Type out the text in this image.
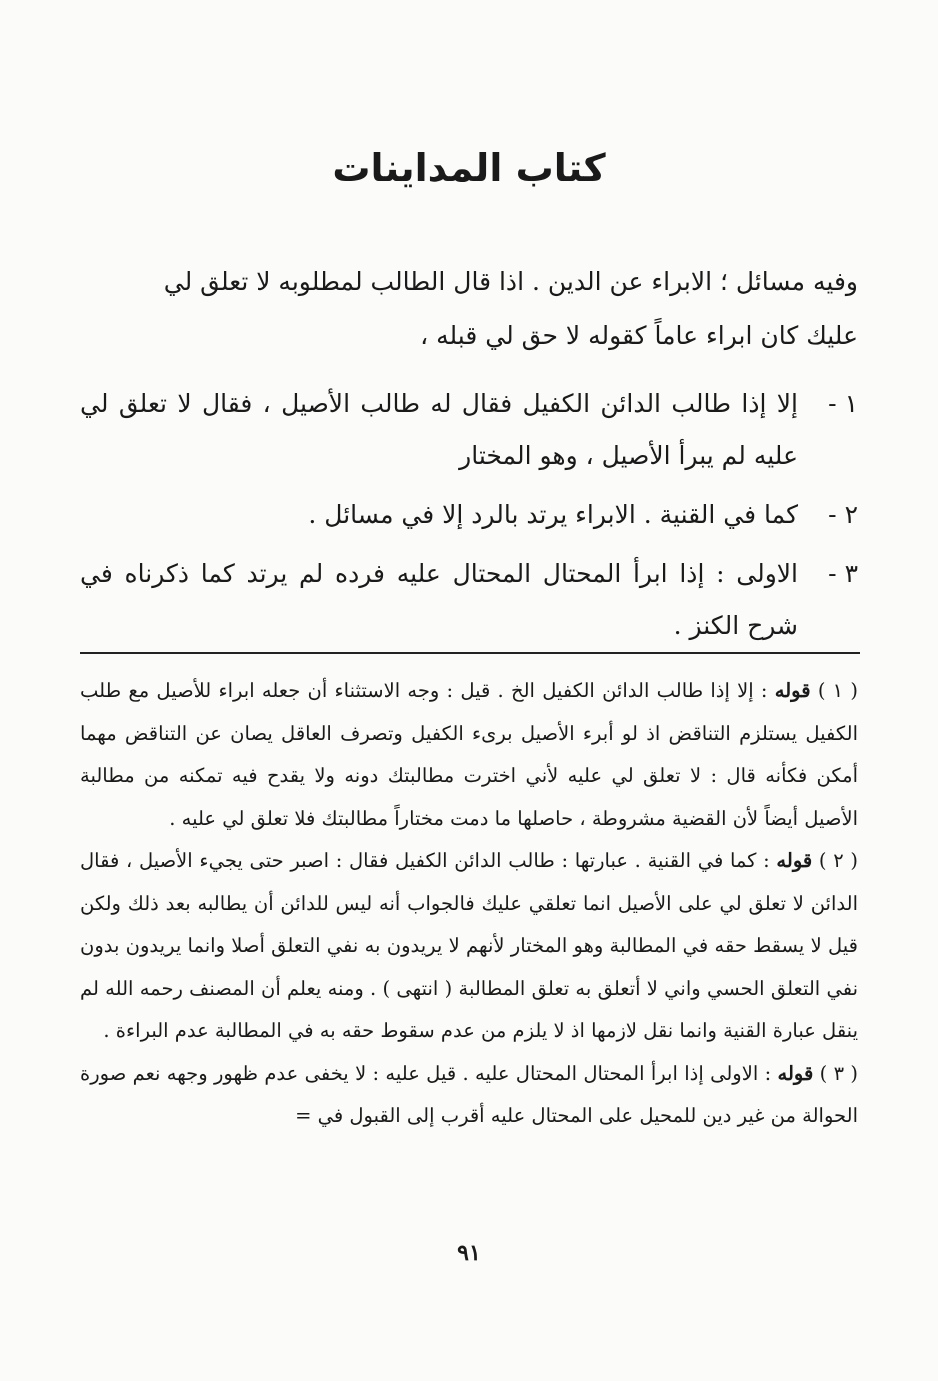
كتاب المداينات

وفيه مسائل ؛ الابراء عن الدين . اذا قال الطالب لمطلوبه لا تعلق لي

عليك كان ابراء عاماً كقوله لا حق لي قبله ،

١ -
إلا إذا طالب الدائن الكفيل فقال له طالب الأصيل ، فقال لا تعلق لي عليه لم يبرأ الأصيل ، وهو المختار
٢ -
كما في القنية . الابراء يرتد بالرد إلا في مسائل .
٣ -
الاولى : إذا ابرأ المحتال المحتال عليه فرده لم يرتد كما ذكرناه في شرح الكنز .

( ١ ) قوله : إلا إذا طالب الدائن الكفيل الخ . قيل : وجه الاستثناء أن جعله ابراء للأصيل مع طلب الكفيل يستلزم التناقض اذ لو أبرء الأصيل برىء الكفيل وتصرف العاقل يصان عن التناقض مهما أمكن فكأنه قال : لا تعلق لي عليه لأني اخترت مطالبتك دونه ولا يقدح فيه تمكنه من مطالبة الأصيل أيضاً لأن القضية مشروطة ، حاصلها ما دمت مختاراً مطالبتك فلا تعلق لي عليه .

( ٢ ) قوله : كما في القنية . عبارتها : طالب الدائن الكفيل فقال : اصبر حتى يجيء الأصيل ، فقال الدائن لا تعلق لي على الأصيل انما تعلقي عليك فالجواب أنه ليس للدائن أن يطالبه بعد ذلك ولكن قيل لا يسقط حقه في المطالبة وهو المختار لأنهم لا يريدون به نفي التعلق أصلا وانما يريدون بدون نفي التعلق الحسي واني لا أتعلق به تعلق المطالبة ( انتهى ) . ومنه يعلم أن المصنف رحمه الله لم ينقل عبارة القنية وانما نقل لازمها اذ لا يلزم من عدم سقوط حقه به في المطالبة عدم البراءة .

( ٣ ) قوله : الاولى إذا ابرأ المحتال المحتال عليه . قيل عليه : لا يخفى عدم ظهور وجهه نعم صورة الحوالة من غير دين للمحيل على المحتال عليه أقرب إلى القبول في =

٩١
